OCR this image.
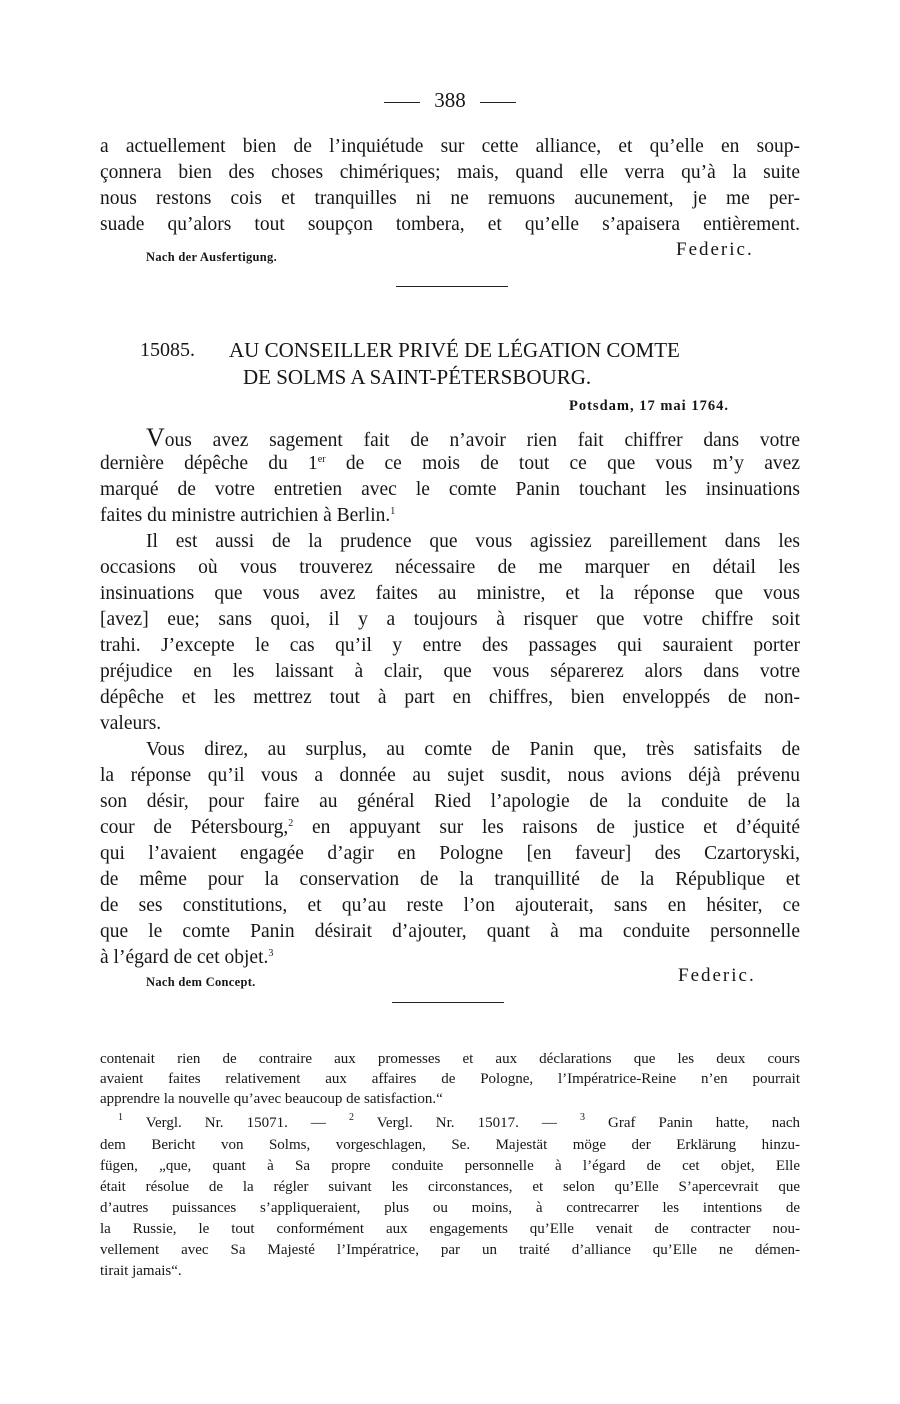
388
a actuellement bien de l’inquiétude sur cette alliance, et qu’elle en soup-
çonnera bien des choses chimériques; mais, quand elle verra qu’à la suite
nous restons cois et tranquilles ni ne remuons aucunement, je me per-
suade qu’alors tout soupçon tombera, et qu’elle s’apaisera entièrement.
Nach der Ausfertigung.	Federic.
15085. AU CONSEILLER PRIVÉ DE LÉGATION COMTE
DE SOLMS A SAINT-PÉTERSBOURG.
Potsdam, 17 mai 1764.
Vous avez sagement fait de n’avoir rien fait chiffrer dans votre
dernière dépêche du 1er de ce mois de tout ce que vous m’y avez
marqué de votre entretien avec le comte Panin touchant les insinuations
faites du ministre autrichien à Berlin.$^1$
Il est aussi de la prudence que vous agissiez pareillement dans les
occasions où vous trouverez nécessaire de me marquer en détail les
insinuations que vous avez faites au ministre, et la réponse que vous
[avez] eue; sans quoi, il y a toujours à risquer que votre chiffre soit
trahi. J’excepte le cas qu’il y entre des passages qui sauraient porter
préjudice en les laissant à clair, que vous séparerez alors dans votre
dépêche et les mettrez tout à part en chiffres, bien enveloppés de non-
valeurs.
Vous direz, au surplus, au comte de Panin que, très satisfaits de
la réponse qu’il vous a donnée au sujet susdit, nous avions déjà prévenu
son désir, pour faire au général Ried l’apologie de la conduite de la
cour de Pétersbourg,$^2$ en appuyant sur les raisons de justice et d’équité
qui l’avaient engagée d’agir en Pologne [en faveur] des Czartoryski,
de même pour la conservation de la tranquillité de la République et
de ses constitutions, et qu’au reste l’on ajouterait, sans en hésiter, ce
que le comte Panin désirait d’ajouter, quant à ma conduite personnelle
à l’égard de cet objet.$^3$
Nach dem Concept.	Federic.
contenait rien de contraire aux promesses et aux déclarations que les deux cours
avaient faites relativement aux affaires de Pologne, l’Impératrice-Reine n’en pourrait
apprendre la nouvelle qu’avec beaucoup de satisfaction.“
$^1$ Vergl. Nr. 15071. — $^2$ Vergl. Nr. 15017. — $^3$ Graf Panin hatte, nach
dem Bericht von Solms, vorgeschlagen, Se. Majestät möge der Erklärung hinzu-
fügen, „que, quant à Sa propre conduite personnelle à l’égard de cet objet, Elle
était résolue de la régler suivant les circonstances, et selon qu’Elle S’apercevrait que
d’autres puissances s’appliqueraient, plus ou moins, à contrecarrer les intentions de
la Russie, le tout conformément aux engagements qu’Elle venait de contracter nou-
vellement avec Sa Majesté l’Impératrice, par un traité d’alliance qu’Elle ne démen-
tirait jamais“.
